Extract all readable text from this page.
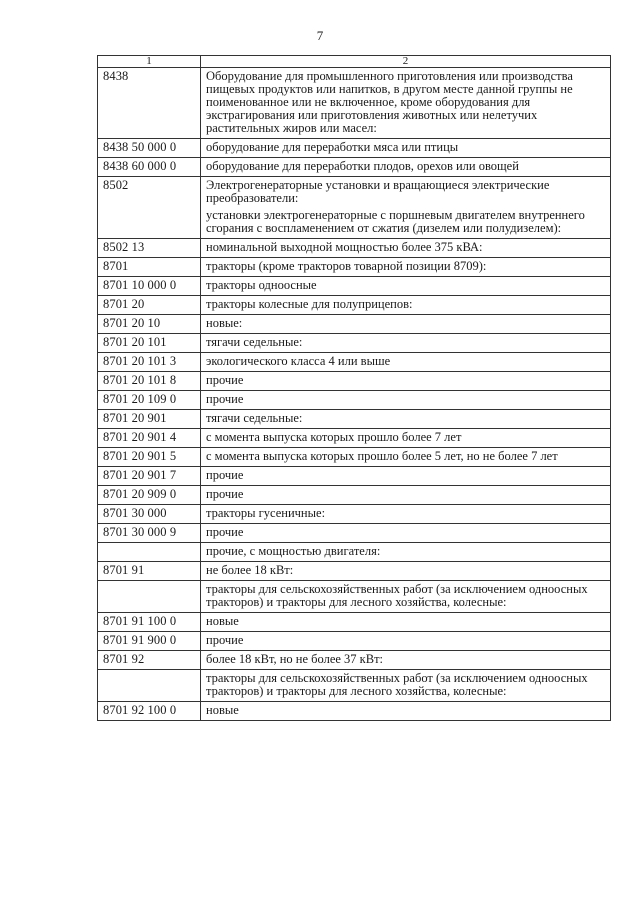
7
1	2
8438	Оборудование для промышленного приготовления или производства пищевых продуктов или напитков, в другом месте данной группы не поименованное или не включенное, кроме оборудования для экстрагирования или приготовления животных или нелетучих растительных жиров или масел:

8438 50 000 0	оборудование для переработки мяса или птицы

8438 60 000 0	оборудование для переработки плодов, орехов или овощей

8502	Электрогенераторные установки и вращающиеся электрические преобразователи:
установки электрогенераторные с поршневым двигателем внутреннего сгорания с воспламенением от сжатия (дизелем или полудизелем):

8502 13	номинальной выходной мощностью более 375 кВА:

8701	тракторы (кроме тракторов товарной позиции 8709):

8701 10 000 0	тракторы одноосные

8701 20	тракторы колесные для полуприцепов:

8701 20 10	новые:

8701 20 101	тягачи седельные:

8701 20 101 3	экологического класса 4 или выше

8701 20 101 8	прочие

8701 20 109 0	прочие

8701 20 901	тягачи седельные:

8701 20 901 4	с момента выпуска которых прошло более 7 лет

8701 20 901 5	с момента выпуска которых прошло более 5 лет, но не более 7 лет

8701 20 901 7	прочие

8701 20 909 0	прочие

8701 30 000	тракторы гусеничные:

8701 30 000 9	прочие

	прочие, с мощностью двигателя:

8701 91	не более 18 кВт:

	тракторы для сельскохозяйственных работ (за исключением одноосных тракторов) и тракторы для лесного хозяйства, колесные:

8701 91 100 0	новые

8701 91 900 0	прочие

8701 92	более 18 кВт, но не более 37 кВт:

	тракторы для сельскохозяйственных работ (за исключением одноосных тракторов) и тракторы для лесного хозяйства, колесные:

8701 92 100 0	новые
